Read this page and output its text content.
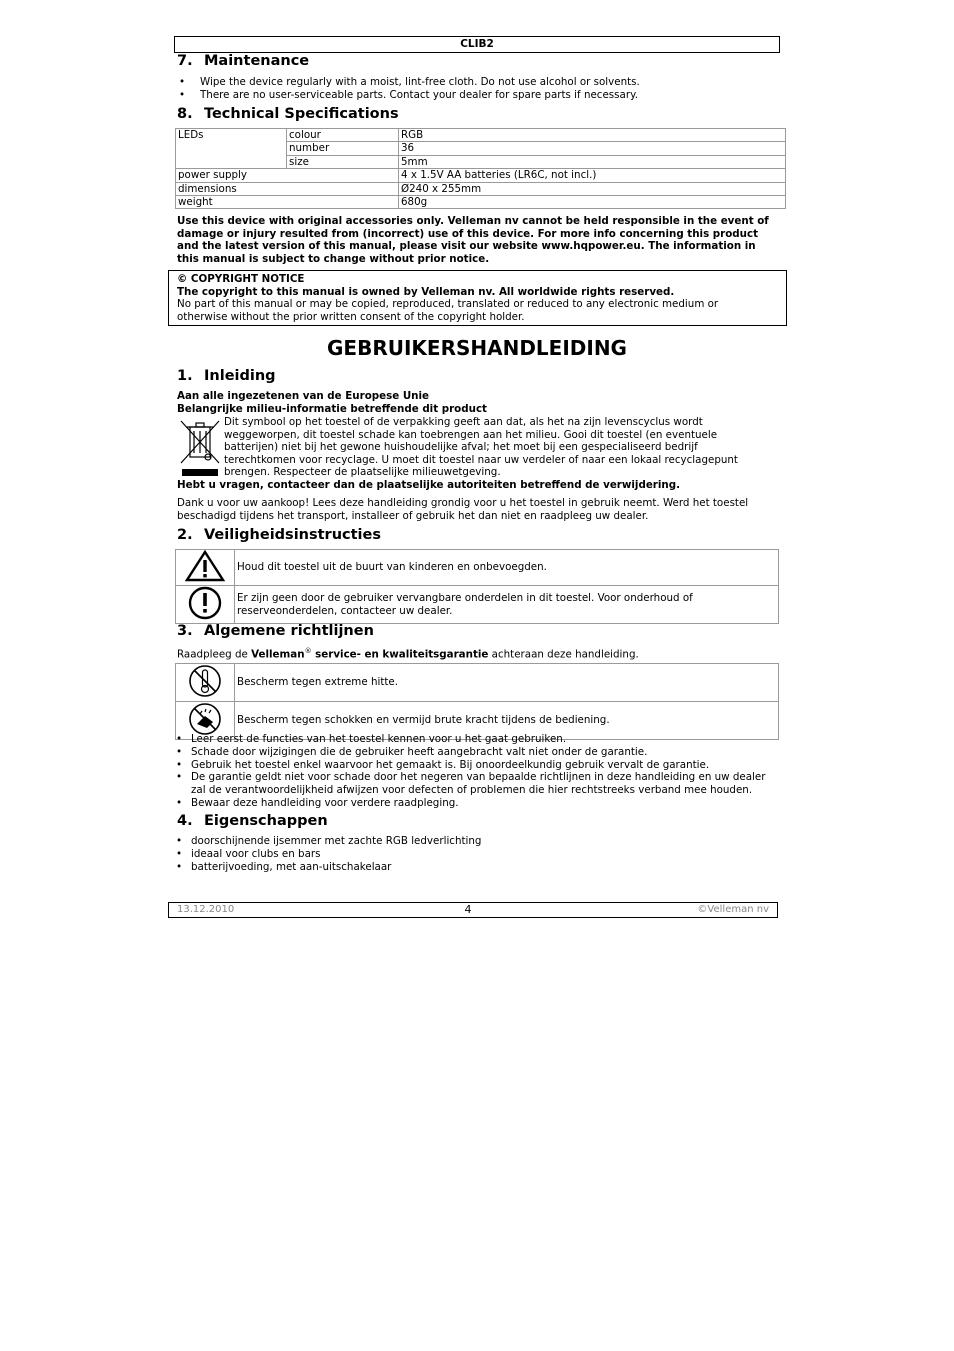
CLIB2
7. Maintenance
• Wipe the device regularly with a moist, lint-free cloth. Do not use alcohol or solvents.
• There are no user-serviceable parts. Contact your dealer for spare parts if necessary.
8. Technical Specifications
LEDs	colour	RGB
	number	36
	size	5mm
power supply		4 x 1.5V AA batteries (LR6C, not incl.)
dimensions		Ø240 x 255mm
weight		680g
Use this device with original accessories only. Velleman nv cannot be held responsible in the event of
damage or injury resulted from (incorrect) use of this device. For more info concerning this product
and the latest version of this manual, please visit our website www.hqpower.eu. The information in
this manual is subject to change without prior notice.
© COPYRIGHT NOTICE
The copyright to this manual is owned by Velleman nv. All worldwide rights reserved.
No part of this manual or may be copied, reproduced, translated or reduced to any electronic medium or
otherwise without the prior written consent of the copyright holder.
GEBRUIKERSHANDLEIDING
1. Inleiding
Aan alle ingezetenen van de Europese Unie
Belangrijke milieu-informatie betreffende dit product
Dit symbool op het toestel of de verpakking geeft aan dat, als het na zijn levenscyclus wordt
weggeworpen, dit toestel schade kan toebrengen aan het milieu. Gooi dit toestel (en eventuele
batterijen) niet bij het gewone huishoudelijke afval; het moet bij een gespecialiseerd bedrijf
terechtkomen voor recyclage. U moet dit toestel naar uw verdeler of naar een lokaal recyclagepunt
brengen. Respecteer de plaatselijke milieuwetgeving.
Hebt u vragen, contacteer dan de plaatselijke autoriteiten betreffend de verwijdering.
Dank u voor uw aankoop! Lees deze handleiding grondig voor u het toestel in gebruik neemt. Werd het toestel
beschadigd tijdens het transport, installeer of gebruik het dan niet en raadpleeg uw dealer.
2. Veiligheidsinstructies
	Houd dit toestel uit de buurt van kinderen en onbevoegden.

Er zijn geen door de gebruiker vervangbare onderdelen in dit toestel. Voor onderhoud of
reserveonderdelen, contacteer uw dealer.
3. Algemene richtlijnen
Raadpleeg de Velleman® service- en kwaliteitsgarantie achteraan deze handleiding.
	Bescherm tegen extreme hitte.
	Bescherm tegen schokken en vermijd brute kracht tijdens de bediening.
• Leer eerst de functies van het toestel kennen voor u het gaat gebruiken.
• Schade door wijzigingen die de gebruiker heeft aangebracht valt niet onder de garantie.
• Gebruik het toestel enkel waarvoor het gemaakt is. Bij onoordeelkundig gebruik vervalt de garantie.
• De garantie geldt niet voor schade door het negeren van bepaalde richtlijnen in deze handleiding en uw dealer zal de verantwoordelijkheid afwijzen voor defecten of problemen die hier rechtstreeks verband mee houden.
• Bewaar deze handleiding voor verdere raadpleging.
4. Eigenschappen
• doorschijnende ijsemmer met zachte RGB ledverlichting
• ideaal voor clubs en bars
• batterijvoeding, met aan-uitschakelaar
13.12.2010	4	©Velleman nv
